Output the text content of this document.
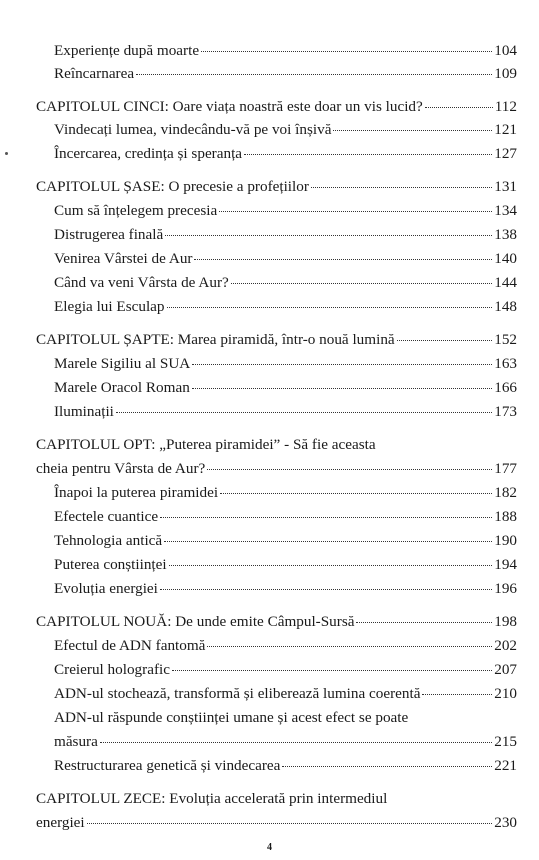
Experiențe după moarte	104
Reîncarnarea	109
CAPITOLUL CINCI: Oare viața noastră este doar un vis lucid?	112
Vindecați lumea, vindecându-vă pe voi înșivă	121
Încercarea, credința și speranța	127
CAPITOLUL ȘASE: O precesie a profețiilor	131
Cum să înțelegem precesia	134
Distrugerea finală	138
Venirea Vârstei de Aur	140
Când va veni Vârsta de Aur?	144
Elegia lui Esculap	148
CAPITOLUL ȘAPTE: Marea piramidă, într-o nouă lumină	152
Marele Sigiliu al SUA	163
Marele Oracol Roman	166
Iluminații	173
CAPITOLUL OPT: „Puterea piramidei” - Să fie aceasta
cheia pentru Vârsta de Aur?	177
Înapoi la puterea piramidei	182
Efectele cuantice	188
Tehnologia antică	190
Puterea conștiinței	194
Evoluția energiei	196
CAPITOLUL NOUĂ: De unde emite Câmpul-Sursă	198
Efectul de ADN fantomă	202
Creierul holografic	207
ADN-ul stochează, transformă și eliberează lumina coerentă	210
ADN-ul răspunde conștiinței umane și acest efect se poate
măsura	215
Restructurarea genetică și vindecarea	221
CAPITOLUL ZECE: Evoluția accelerată prin intermediul
energiei	230
4
